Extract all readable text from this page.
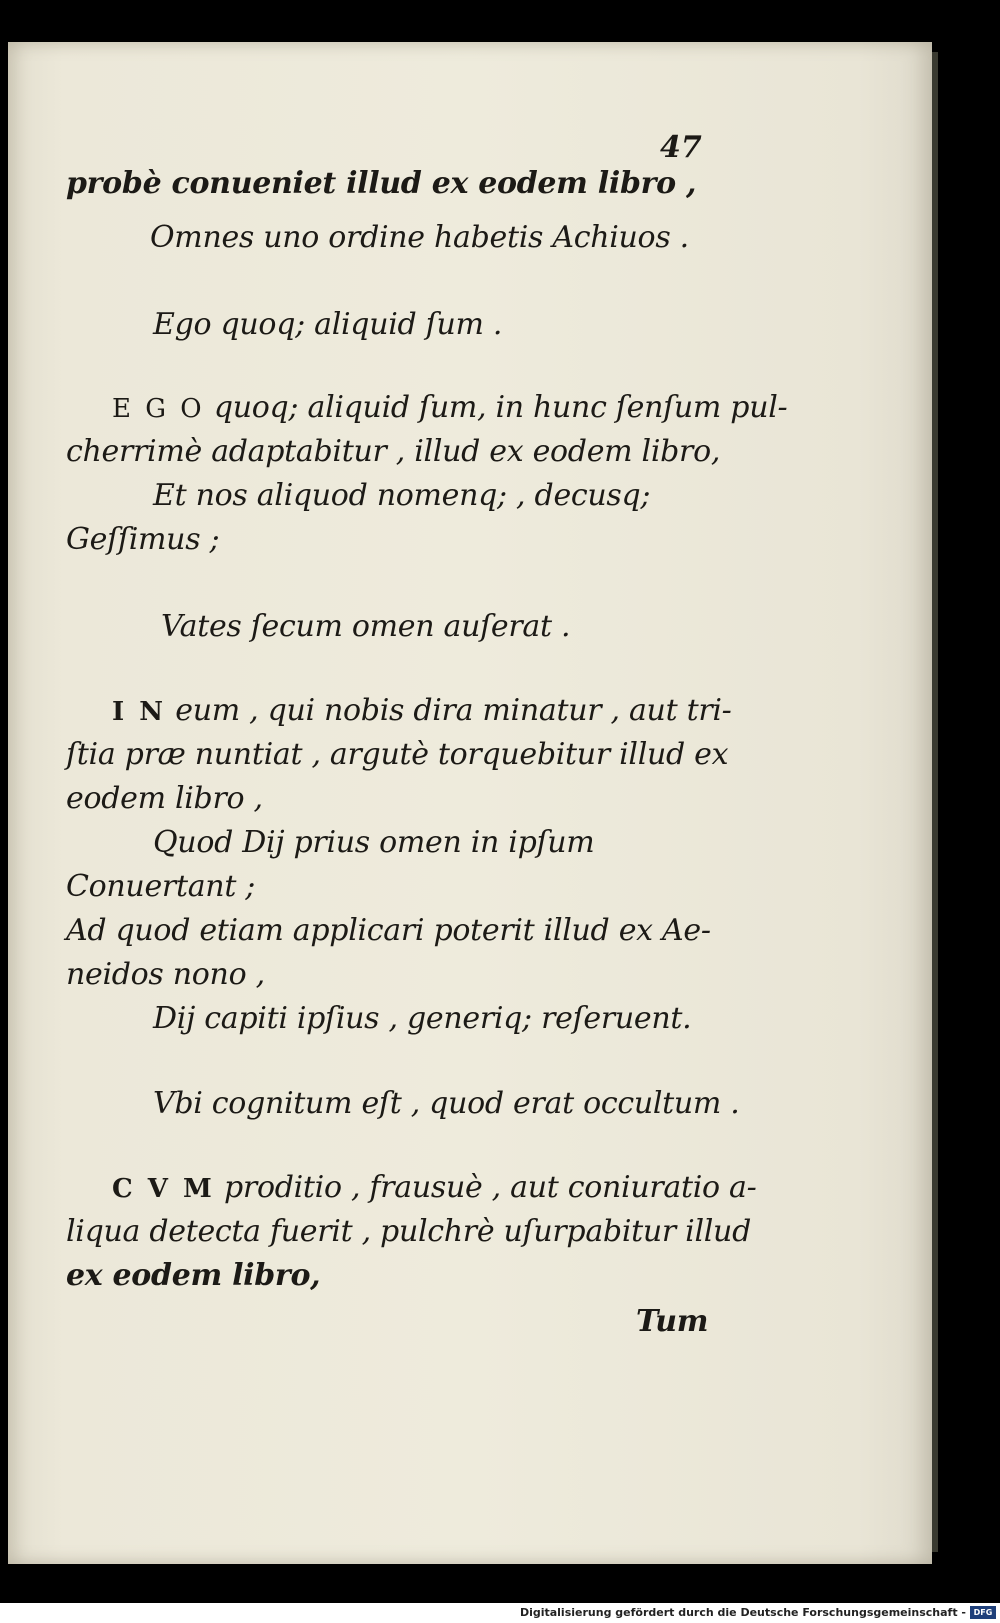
47
probè conueniet illud ex eodem libro ,
Omnes uno ordine habetis Achiuos .
Ego quoq; aliquid ſum .
E G O quoq; aliquid ſum, in hunc ſenſum pul-
cherrimè adaptabitur , illud ex eodem libro,
Et nos aliquod nomenq; , decusq;
Geſſimus ;
Vates ſecum omen auſerat .
I N eum , qui nobis dira minatur , aut tri-
ſtia præ nuntiat , argutè torquebitur illud ex
eodem libro ,
Quod Dij prius omen in ipſum
Conuertant ;
Ad quod etiam applicari poterit illud ex Ae-
neidos nono ,
Dij capiti ipſius , generiq; reſeruent.
Vbi cognitum eſt , quod erat occultum .
C V M proditio , frausuè , aut coniuratio a-
liqua detecta fuerit , pulchrè uſurpabitur illud
ex eodem libro,
Tum
Digitalisierung gefördert durch die Deutsche Forschungsgemeinschaft - DFG
